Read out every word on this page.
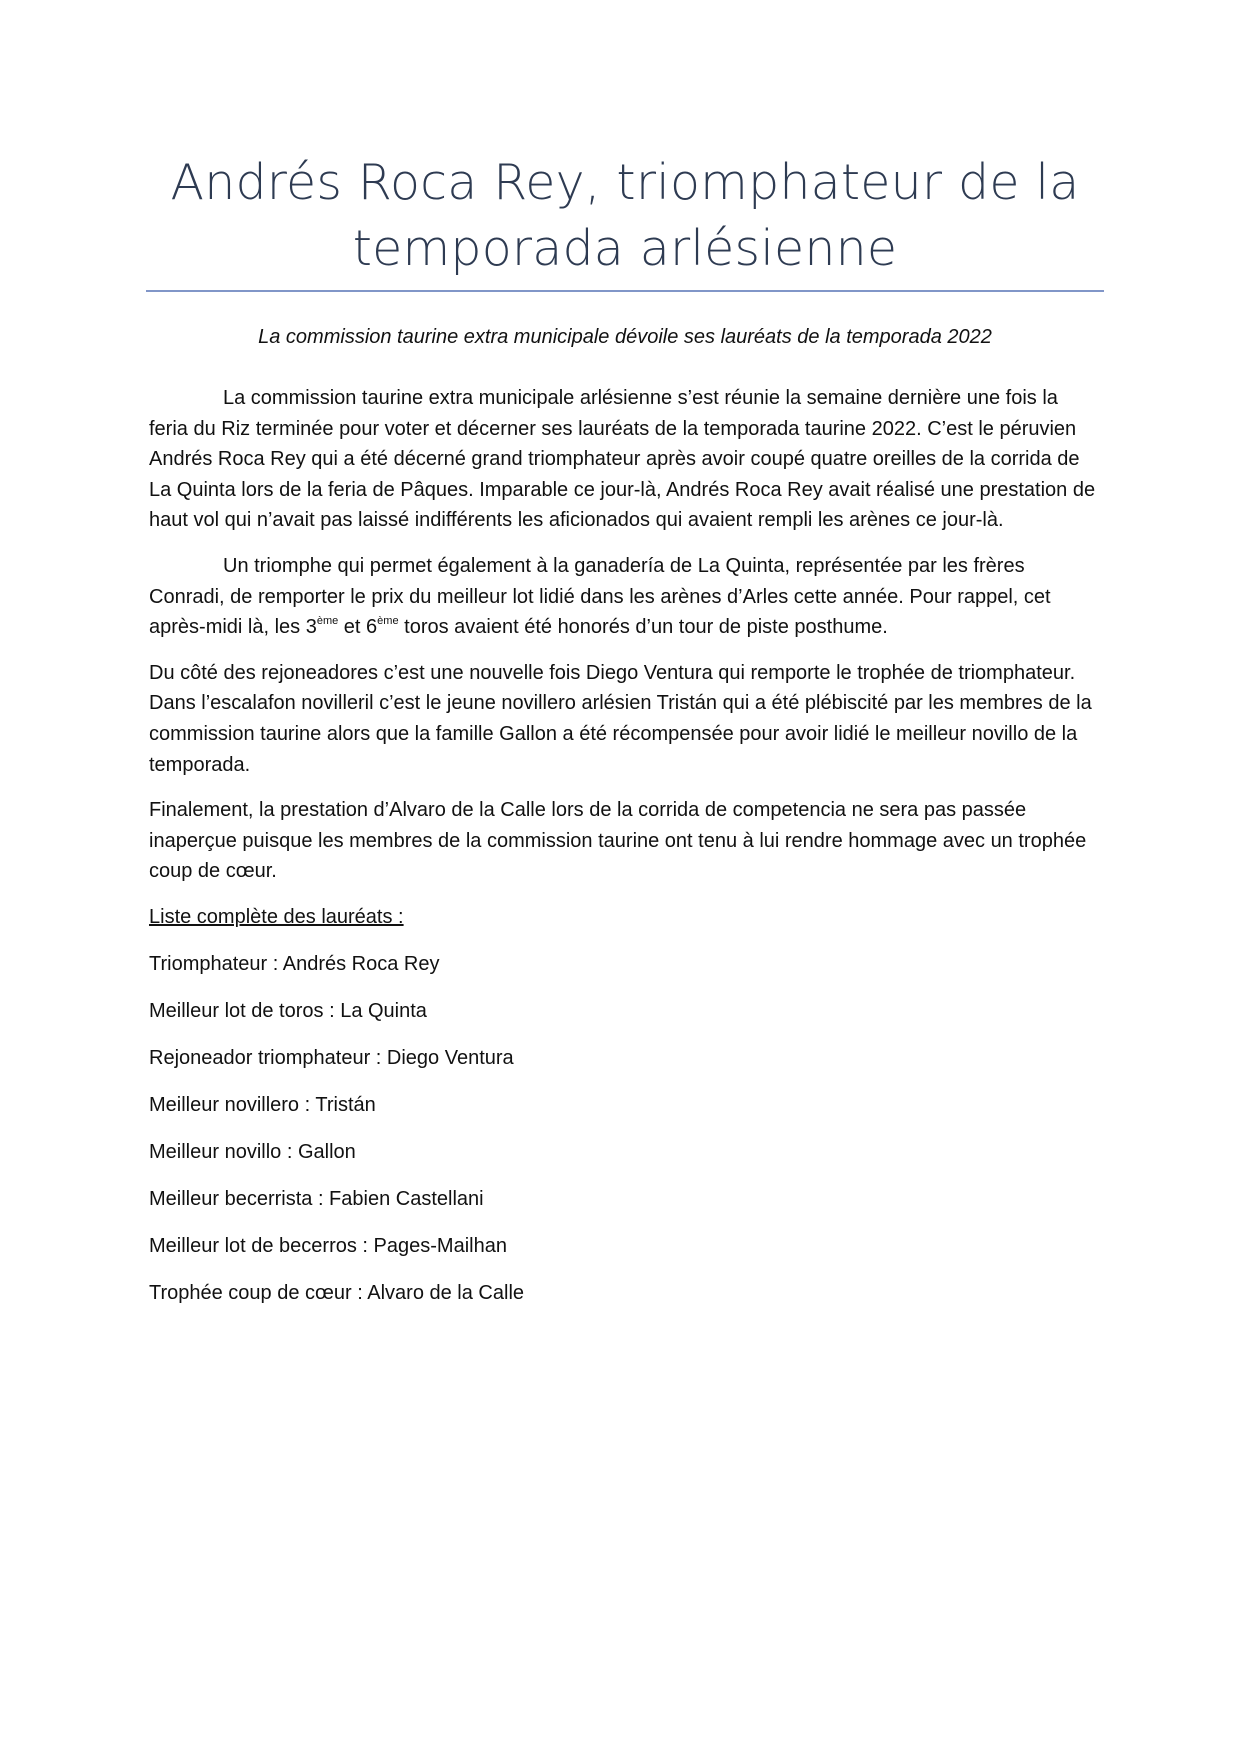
Andrés Roca Rey, triomphateur de la temporada arlésienne
La commission taurine extra municipale dévoile ses lauréats de la temporada 2022

La commission taurine extra municipale arlésienne s’est réunie la semaine dernière une fois la feria du Riz terminée pour voter et décerner ses lauréats de la temporada taurine 2022. C’est le péruvien Andrés Roca Rey qui a été décerné grand triomphateur après avoir coupé quatre oreilles de la corrida de La Quinta lors de la feria de Pâques. Imparable ce jour-là, Andrés Roca Rey avait réalisé une prestation de haut vol qui n’avait pas laissé indifférents les aficionados qui avaient rempli les arènes ce jour-là.

Un triomphe qui permet également à la ganadería de La Quinta, représentée par les frères Conradi, de remporter le prix du meilleur lot lidié dans les arènes d’Arles cette année. Pour rappel, cet après-midi là, les 3ème et 6ème toros avaient été honorés d’un tour de piste posthume.

Du côté des rejoneadores c’est une nouvelle fois Diego Ventura qui remporte le trophée de triomphateur. Dans l’escalafon novilleril c’est le jeune novillero arlésien Tristán qui a été plébiscité par les membres de la commission taurine alors que la famille Gallon a été récompensée pour avoir lidié le meilleur novillo de la temporada.

Finalement, la prestation d’Alvaro de la Calle lors de la corrida de competencia ne sera pas passée inaperçue puisque les membres de la commission taurine ont tenu à lui rendre hommage avec un trophée coup de cœur.

Liste complète des lauréats :

Triomphateur : Andrés Roca Rey
Meilleur lot de toros : La Quinta
Rejoneador triomphateur : Diego Ventura
Meilleur novillero : Tristán
Meilleur novillo : Gallon
Meilleur becerrista : Fabien Castellani
Meilleur lot de becerros : Pages-Mailhan
Trophée coup de cœur : Alvaro de la Calle
